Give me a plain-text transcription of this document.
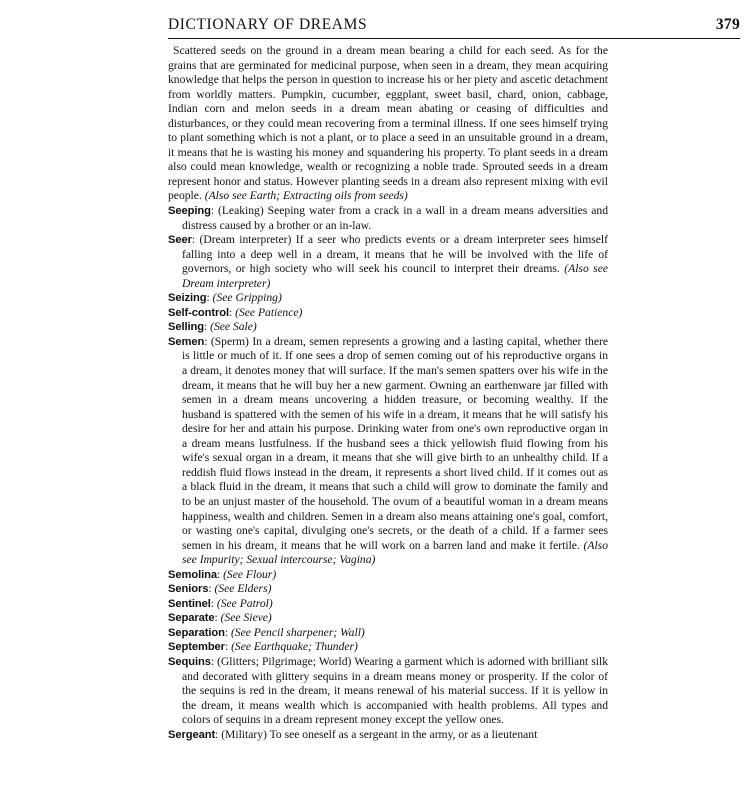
DICTIONARY OF DREAMS	379

Scattered seeds on the ground in a dream mean bearing a child for each seed. As for the grains that are germinated for medicinal purpose, when seen in a dream, they mean acquiring knowledge that helps the person in question to increase his or her piety and ascetic detachment from worldly matters. Pumpkin, cucumber, eggplant, sweet basil, chard, onion, cabbage, Indian corn and melon seeds in a dream mean abating or ceasing of difficulties and disturbances, or they could mean recovering from a terminal illness. If one sees himself trying to plant something which is not a plant, or to place a seed in an unsuitable ground in a dream, it means that he is wasting his money and squandering his property. To plant seeds in a dream also could mean knowledge, wealth or recognizing a noble trade. Sprouted seeds in a dream represent honor and status. However planting seeds in a dream also represent mixing with evil people. (Also see Earth; Extracting oils from seeds)

Seeping: (Leaking) Seeping water from a crack in a wall in a dream means adversities and distress caused by a brother or an in-law.

Seer: (Dream interpreter) If a seer who predicts events or a dream interpreter sees himself falling into a deep well in a dream, it means that he will be involved with the life of governors, or high society who will seek his council to interpret their dreams. (Also see Dream interpreter)

Seizing: (See Gripping)

Self-control: (See Patience)

Selling: (See Sale)

Semen: (Sperm) In a dream, semen represents a growing and a lasting capital, whether there is little or much of it. If one sees a drop of semen coming out of his reproductive organs in a dream, it denotes money that will surface. If the man's semen spatters over his wife in the dream, it means that he will buy her a new garment. Owning an earthenware jar filled with semen in a dream means uncovering a hidden treasure, or becoming wealthy. If the husband is spattered with the semen of his wife in a dream, it means that he will satisfy his desire for her and attain his purpose. Drinking water from one's own reproductive organ in a dream means lustfulness. If the husband sees a thick yellowish fluid flowing from his wife's sexual organ in a dream, it means that she will give birth to an unhealthy child. If a reddish fluid flows instead in the dream, it represents a short lived child. If it comes out as a black fluid in the dream, it means that such a child will grow to dominate the family and to be an unjust master of the household. The ovum of a beautiful woman in a dream means happiness, wealth and children. Semen in a dream also means attaining one's goal, comfort, or wasting one's capital, divulging one's secrets, or the death of a child. If a farmer sees semen in his dream, it means that he will work on a barren land and make it fertile. (Also see Impurity; Sexual intercourse; Vagina)

Semolina: (See Flour)

Seniors: (See Elders)

Sentinel: (See Patrol)

Separate: (See Sieve)

Separation: (See Pencil sharpener; Wall)

September: (See Earthquake; Thunder)

Sequins: (Glitters; Pilgrimage; World) Wearing a garment which is adorned with brilliant silk and decorated with glittery sequins in a dream means money or prosperity. If the color of the sequins is red in the dream, it means renewal of his material success. If it is yellow in the dream, it means wealth which is accompanied with health problems. All types and colors of sequins in a dream represent money except the yellow ones.

Sergeant: (Military) To see oneself as a sergeant in the army, or as a lieutenant
